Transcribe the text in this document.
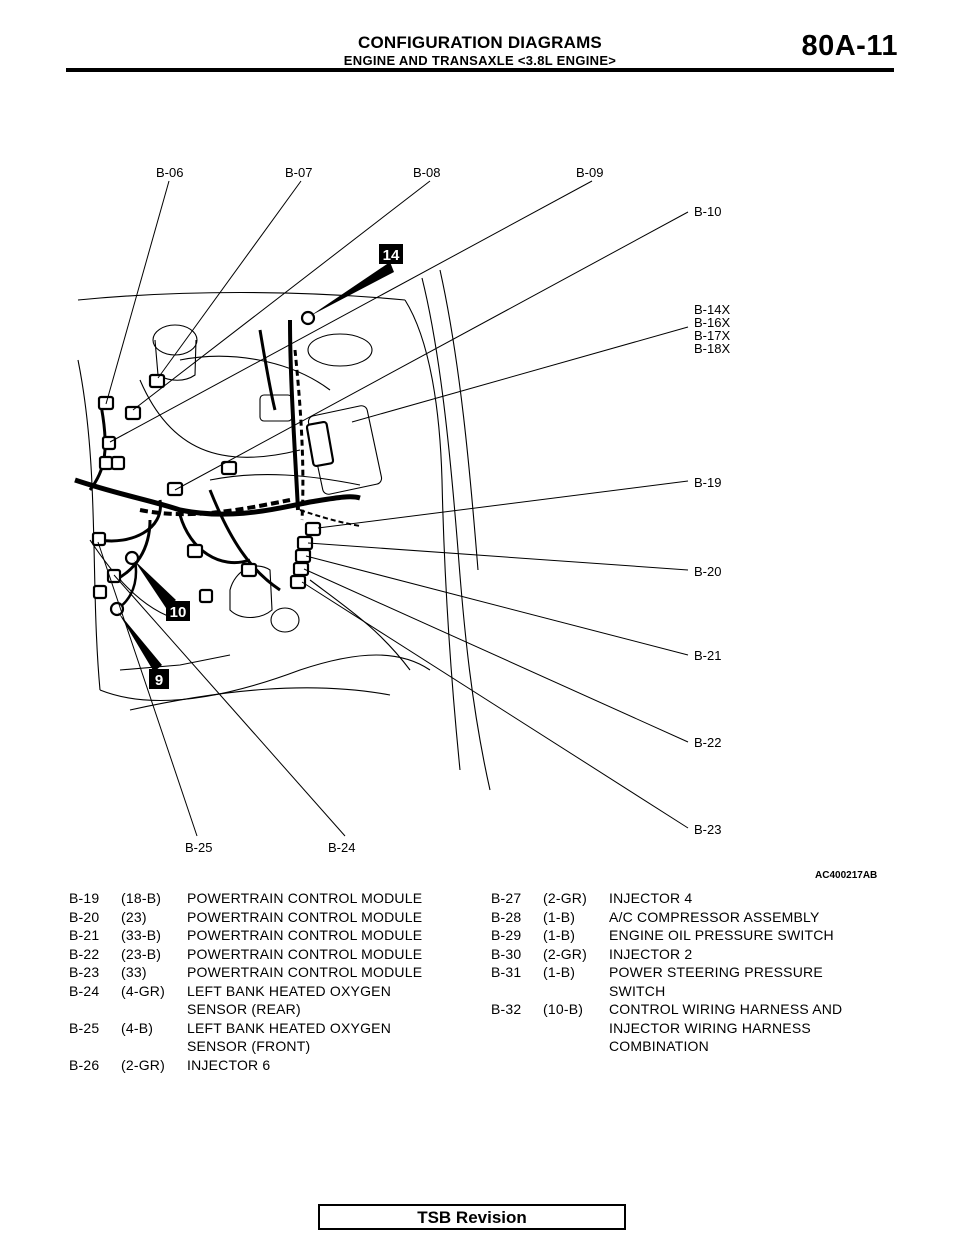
CONFIGURATION DIAGRAMS
ENGINE AND TRANSAXLE <3.8L ENGINE>	80A-11
14
10
9
B-06	B-07	B-08	B-09
B-10
B-14X
B-16X
B-17X
B-18X
B-19
B-20
B-21
B-22
B-23
B-24
B-25
AC400217AB
B-19	(18-B)	POWERTRAIN CONTROL MODULE
B-20	(23)	POWERTRAIN CONTROL MODULE
B-21	(33-B)	POWERTRAIN CONTROL MODULE
B-22	(23-B)	POWERTRAIN CONTROL MODULE
B-23	(33)	POWERTRAIN CONTROL MODULE
B-24	(4-GR)	LEFT BANK HEATED OXYGEN SENSOR (REAR)
B-25	(4-B)	LEFT BANK HEATED OXYGEN SENSOR (FRONT)
B-26	(2-GR)	INJECTOR 6
B-27	(2-GR)	INJECTOR 4
B-28	(1-B)	A/C COMPRESSOR ASSEMBLY
B-29	(1-B)	ENGINE OIL PRESSURE SWITCH
B-30	(2-GR)	INJECTOR 2
B-31	(1-B)	POWER STEERING PRESSURE SWITCH
B-32	(10-B)	CONTROL WIRING HARNESS AND INJECTOR WIRING HARNESS COMBINATION
TSB Revision
